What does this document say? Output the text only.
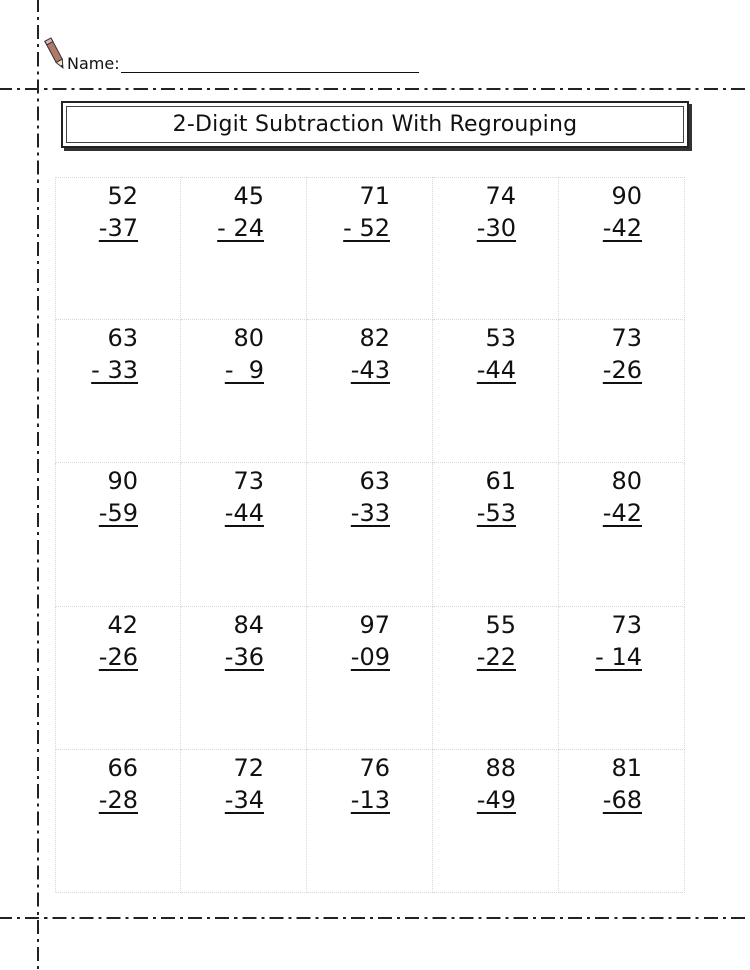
Name:
2-Digit Subtraction With Regrouping
52
-37
45
- 24
71
- 52
74
-30
90
-42
63
- 33
80
-  9
82
-43
53
-44
73
-26
90
-59
73
-44
63
-33
61
-53
80
-42
42
-26
84
-36
97
-09
55
-22
73
- 14
66
-28
72
-34
76
-13
88
-49
81
-68
